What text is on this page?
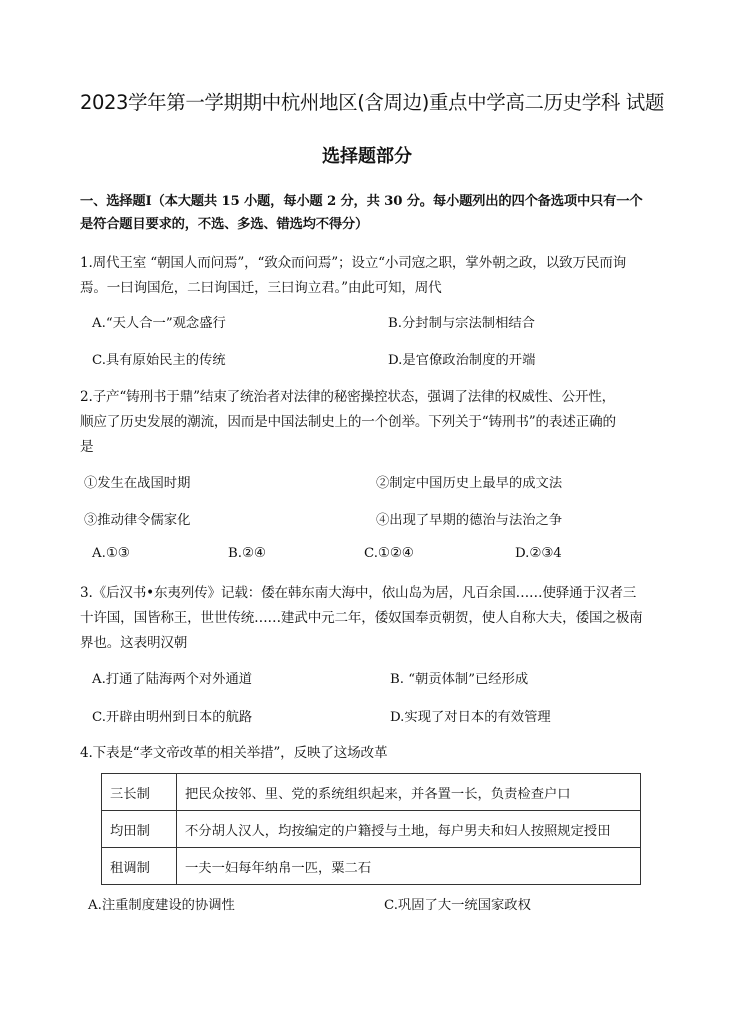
2023学年第一学期期中杭州地区(含周边)重点中学高二历史学科 试题
选择题部分
一、选择题Ⅰ（本大题共 15 小题，每小题 2 分，共 30 分。每小题列出的四个备选项中只有一个
是符合题目要求的，不选、多选、错选均不得分）
1.周代王室 “朝国人而问焉”，“致众而问焉”；设立“小司寇之职，掌外朝之政，以致万民而询
焉。一曰询国危，二曰询国迁，三曰询立君。”由此可知，周代
A.“天人合一”观念盛行	B.分封制与宗法制相结合
C.具有原始民主的传统	D.是官僚政治制度的开端
2.子产“铸刑书于鼎”结束了统治者对法律的秘密操控状态，强调了法律的权威性、公开性，
顺应了历史发展的潮流，因而是中国法制史上的一个创举。下列关于“铸刑书”的表述正确的
是
①发生在战国时期	②制定中国历史上最早的成文法
③推动律令儒家化	④出现了早期的德治与法治之争
A.①③	B.②④	C.①②④	D.②③4
3.《后汉书•东夷列传》记载：倭在韩东南大海中，依山岛为居，凡百余国……使驿通于汉者三
十许国，国皆称王，世世传统……建武中元二年，倭奴国奉贡朝贺，使人自称大夫，倭国之极南
界也。这表明汉朝
A.打通了陆海两个对外通道	B. “朝贡体制”已经形成
C.开辟由明州到日本的航路	D.实现了对日本的有效管理
4.下表是“孝文帝改革的相关举措”，反映了这场改革
三长制	把民众按邻、里、党的系统组织起来，并各置一长，负责检查户口
均田制	不分胡人汉人，均按编定的户籍授与土地，每户男夫和妇人按照规定授田
租调制	一夫一妇每年纳帛一匹，粟二石
A.注重制度建设的协调性	C.巩固了大一统国家政权
